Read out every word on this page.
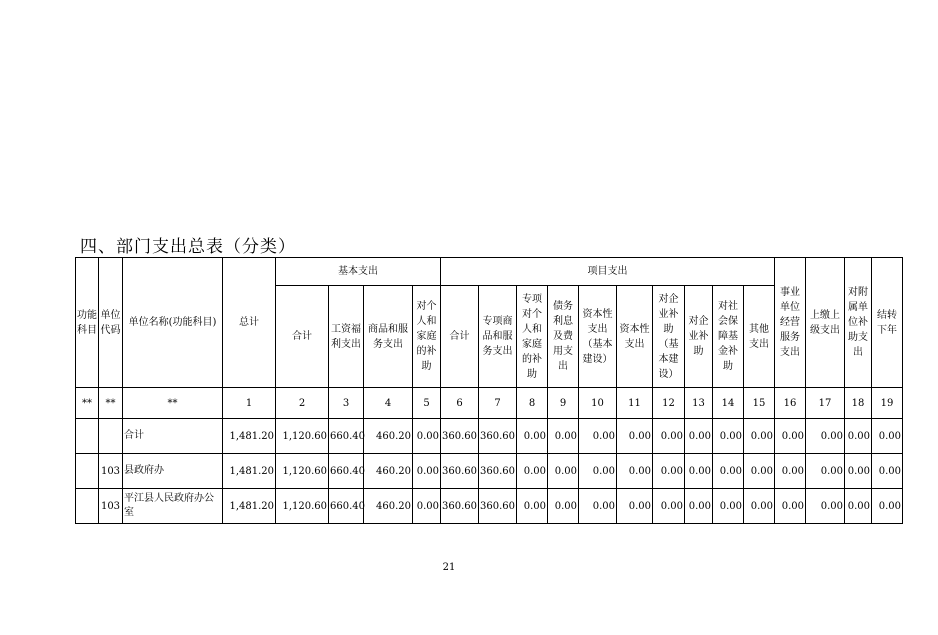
四、部门支出总表（分类）
功能科目	单位代码	单位名称(功能科目)	总计	基本支出				项目支出										事业单位经营服务支出	上缴上级支出	对附属单位补助支出	结转下年
				合计	工资福利支出	商品和服务支出	对个人和家庭的补助	合计	专项商品和服务支出	专项对个人和家庭的补助	债务利息及费用支出	资本性支出（基本建设）	资本性支出	对企业补助（基本建设）	对企业补助	对社会保障基金补助	其他支出				
**	**	**	1	2	3	4	5	6	7	8	9	10	11	12	13	14	15	16	17	18	19
		合计	1,481.20	1,120.60	660.40	460.20	0.00	360.60	360.60	0.00	0.00	0.00	0.00	0.00	0.00	0.00	0.00	0.00	0.00	0.00	0.00
	103	县政府办	1,481.20	1,120.60	660.40	460.20	0.00	360.60	360.60	0.00	0.00	0.00	0.00	0.00	0.00	0.00	0.00	0.00	0.00	0.00	0.00
	103	平江县人民政府办公室	1,481.20	1,120.60	660.40	460.20	0.00	360.60	360.60	0.00	0.00	0.00	0.00	0.00	0.00	0.00	0.00	0.00	0.00	0.00	0.00
21
